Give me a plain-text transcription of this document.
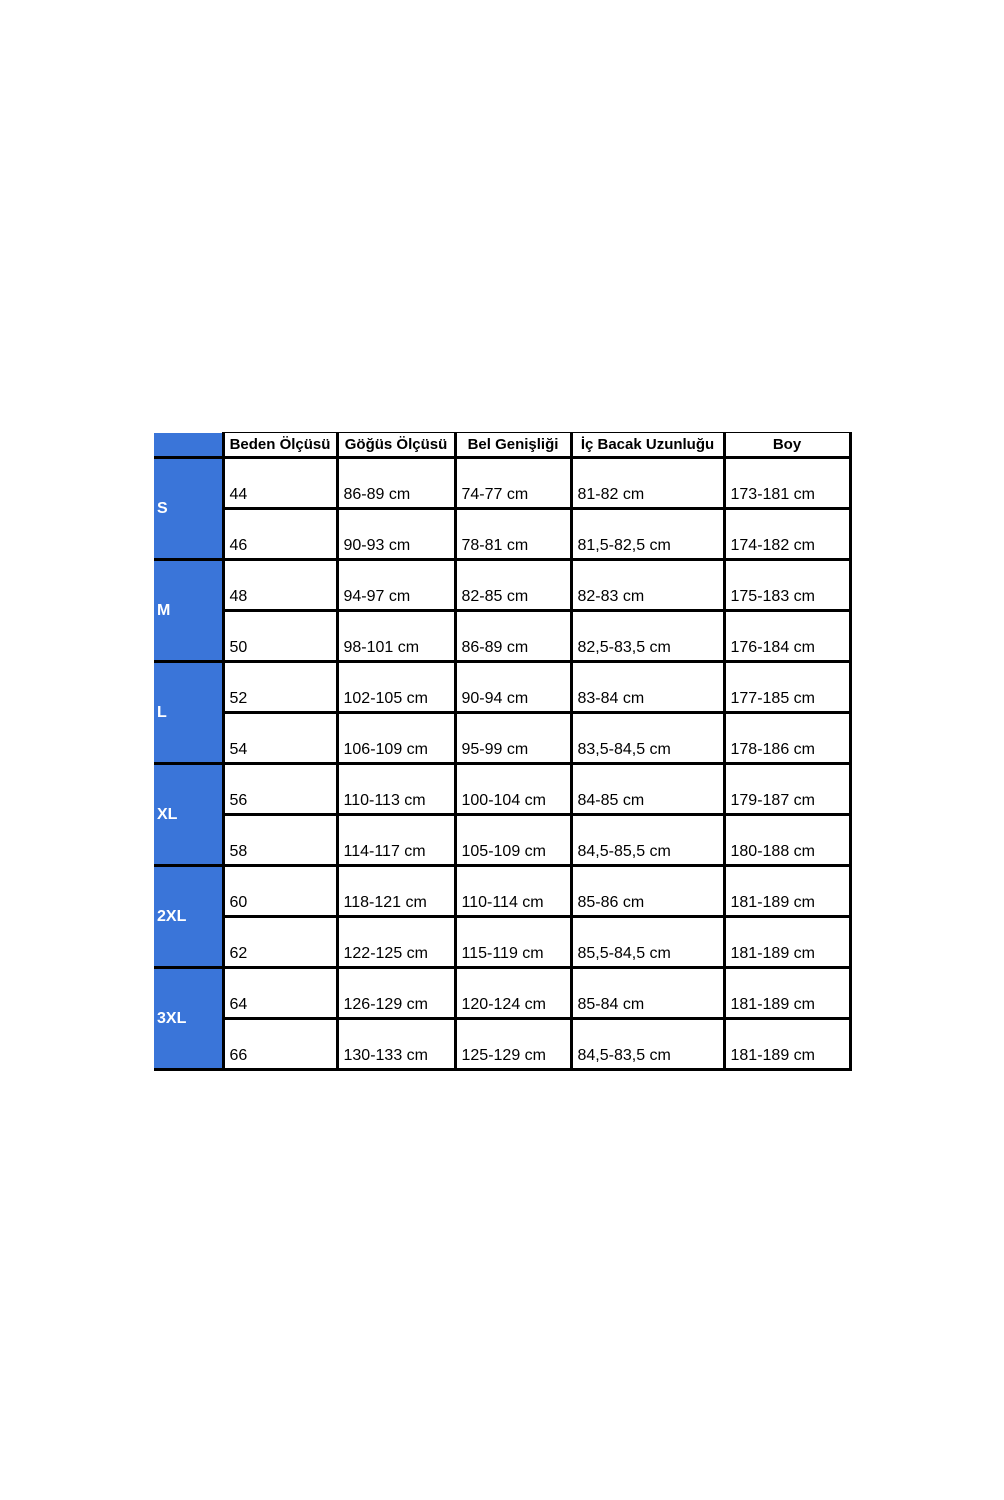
	Beden Ölçüsü	Göğüs Ölçüsü	Bel Genişliği	İç Bacak Uzunluğu	Boy
S	44	86-89 cm	74-77 cm	81-82 cm	173-181 cm
	46	90-93 cm	78-81 cm	81,5-82,5 cm	174-182 cm
M	48	94-97 cm	82-85 cm	82-83 cm	175-183 cm
	50	98-101 cm	86-89 cm	82,5-83,5 cm	176-184 cm
L	52	102-105 cm	90-94 cm	83-84 cm	177-185 cm
	54	106-109 cm	95-99 cm	83,5-84,5 cm	178-186 cm
XL	56	110-113 cm	100-104 cm	84-85 cm	179-187 cm
	58	114-117 cm	105-109 cm	84,5-85,5 cm	180-188 cm
2XL	60	118-121 cm	110-114 cm	85-86 cm	181-189 cm
	62	122-125 cm	115-119 cm	85,5-84,5 cm	181-189 cm
3XL	64	126-129 cm	120-124 cm	85-84 cm	181-189 cm
	66	130-133 cm	125-129 cm	84,5-83,5 cm	181-189 cm
